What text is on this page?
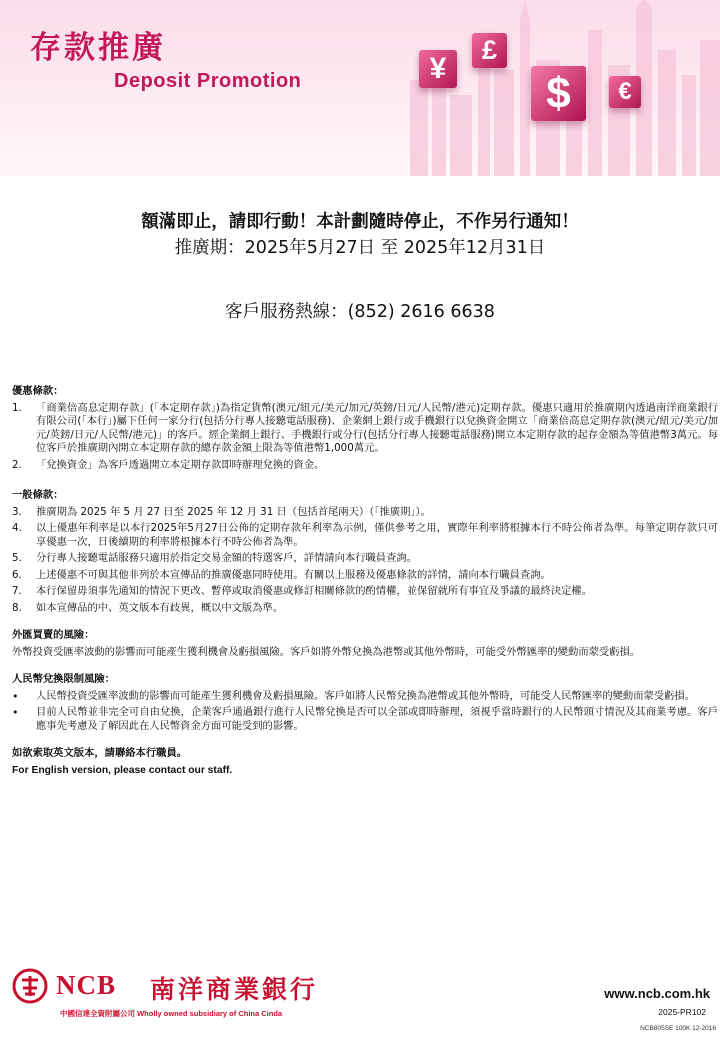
存款推廣
Deposit Promotion	¥
£
$	€
額滿即止，請即行動！本計劃隨時停止，不作另行通知！
推廣期：2025年5月27日 至 2025年12月31日
客戶服務熱線：(852) 2616 6638
優惠條款：
1.	「商業倍高息定期存款」(「本定期存款」)為指定貨幣(澳元/紐元/美元/加元/英鎊/日元/人民幣/港元)定期存款。優惠只適用於推廣期內透過南洋商業銀行有限公司(「本行」)屬下任何一家分行(包括分行專人接聽電話服務)、企業網上銀行或手機銀行以兌換資金開立「商業倍高息定期存款(澳元/紐元/美元/加元/英鎊/日元/人民幣/港元)」的客戶。經企業網上銀行、手機銀行或分行(包括分行專人接聽電話服務)開立本定期存款的起存金額為等值港幣3萬元。每位客戶於推廣期內開立本定期存款的總存款金額上限為等值港幣1,000萬元。
2.	「兌換資金」為客戶透過開立本定期存款即時辦理兌換的資金。
一般條款：
3.	推廣期為 2025 年 5 月 27 日至 2025 年 12 月 31 日（包括首尾兩天）（「推廣期」）。
4.	以上優惠年利率是以本行2025年5月27日公佈的定期存款年利率為示例，僅供參考之用，實際年利率將根據本行不時公佈者為準。每筆定期存款只可享優惠一次，日後續期的利率將根據本行不時公佈者為準。
5.	分行專人接聽電話服務只適用於指定交易金額的特選客戶，詳情請向本行職員查詢。
6.	上述優惠不可與其他非列於本宣傳品的推廣優惠同時使用。有關以上服務及優惠條款的詳情，請向本行職員查詢。
7.	本行保留毋須事先通知的情況下更改、暫停或取消優惠或修訂相關條款的酌情權，並保留就所有事宜及爭議的最終決定權。
8.	如本宣傳品的中、英文版本有歧異，概以中文版為準。
外匯買賣的風險：
外幣投資受匯率波動的影響而可能產生獲利機會及虧損風險。客戶如將外幣兌換為港幣或其他外幣時，可能受外幣匯率的變動而蒙受虧損。
人民幣兌換限制風險：
•	人民幣投資受匯率波動的影響而可能產生獲利機會及虧損風險。客戶如將人民幣兌換為港幣或其他外幣時，可能受人民幣匯率的變動而蒙受虧損。
•	目前人民幣並非完全可自由兌換，企業客戶通過銀行進行人民幣兌換是否可以全部或即時辦理，須視乎當時銀行的人民幣頭寸情況及其商業考慮。客戶應事先考慮及了解因此在人民幣資金方面可能受到的影響。
如欲索取英文版本，請聯絡本行職員。
For English version, please contact our staff.
NCB 南洋商業銀行
中國信達全資附屬公司 Wholly owned subsidiary of China Cinda
www.ncb.com.hk
2025-PR102
NCB805SE 100K 12-2016
